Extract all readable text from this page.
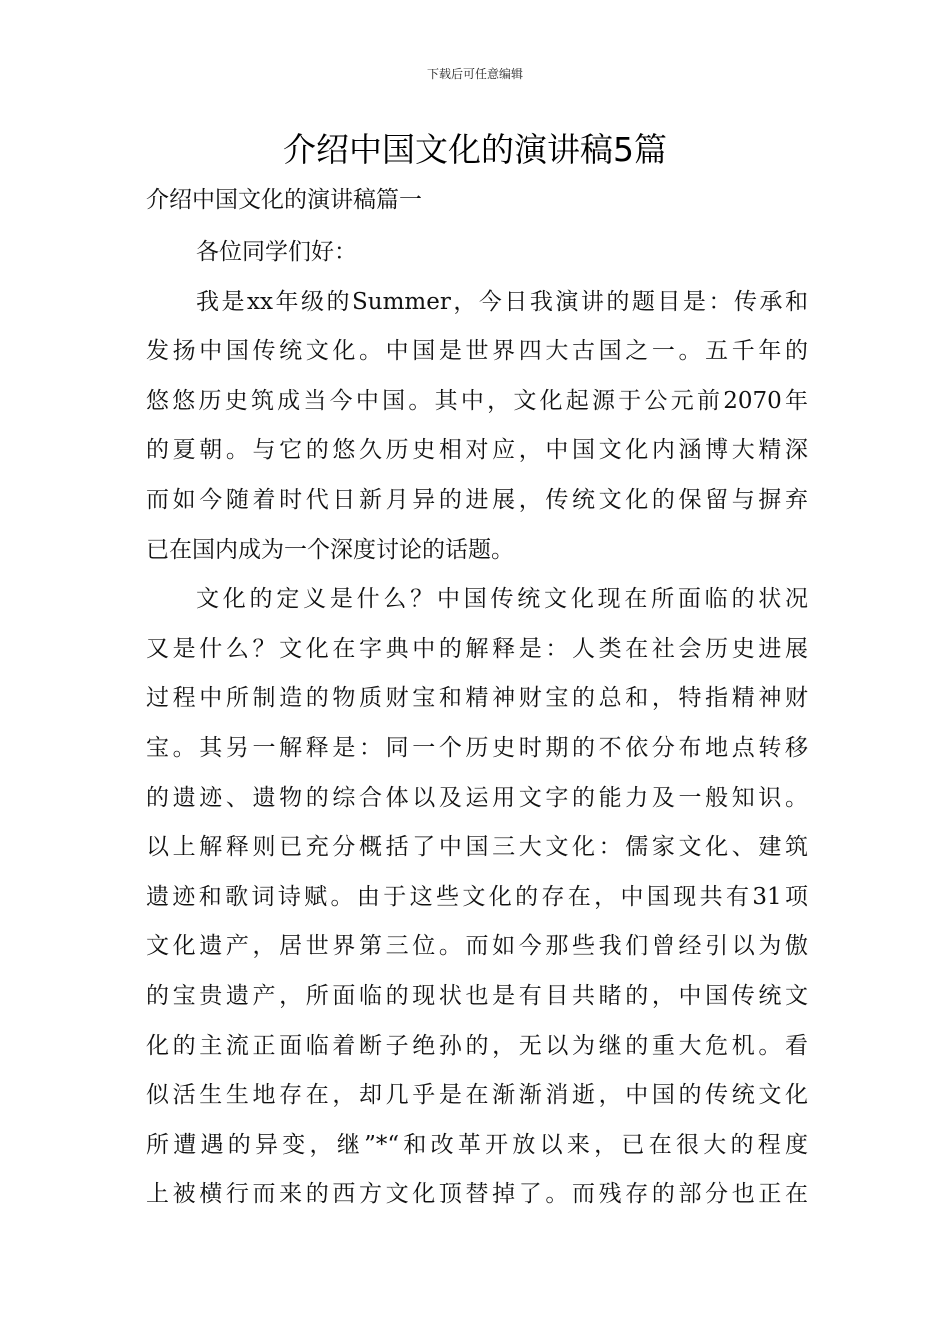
下载后可任意编辑
介绍中国文化的演讲稿5篇
介绍中国文化的演讲稿篇一
各位同学们好：
我是xx年级的Summer，今日我演讲的题目是：传承和
发扬中国传统文化。中国是世界四大古国之一。五千年的
悠悠历史筑成当今中国。其中，文化起源于公元前2070年
的夏朝。与它的悠久历史相对应，中国文化内涵博大精深
而如今随着时代日新月异的进展，传统文化的保留与摒弃
已在国内成为一个深度讨论的话题。
文化的定义是什么？中国传统文化现在所面临的状况
又是什么？文化在字典中的解释是：人类在社会历史进展
过程中所制造的物质财宝和精神财宝的总和，特指精神财
宝。其另一解释是：同一个历史时期的不依分布地点转移
的遗迹、遗物的综合体以及运用文字的能力及一般知识。
以上解释则已充分概括了中国三大文化：儒家文化、建筑
遗迹和歌词诗赋。由于这些文化的存在，中国现共有31项
文化遗产，居世界第三位。而如今那些我们曾经引以为傲
的宝贵遗产，所面临的现状也是有目共睹的，中国传统文
化的主流正面临着断子绝孙的，无以为继的重大危机。看
似活生生地存在，却几乎是在渐渐消逝，中国的传统文化
所遭遇的异变，继”*“和改革开放以来，已在很大的程度
上被横行而来的西方文化顶替掉了。而残存的部分也正在
